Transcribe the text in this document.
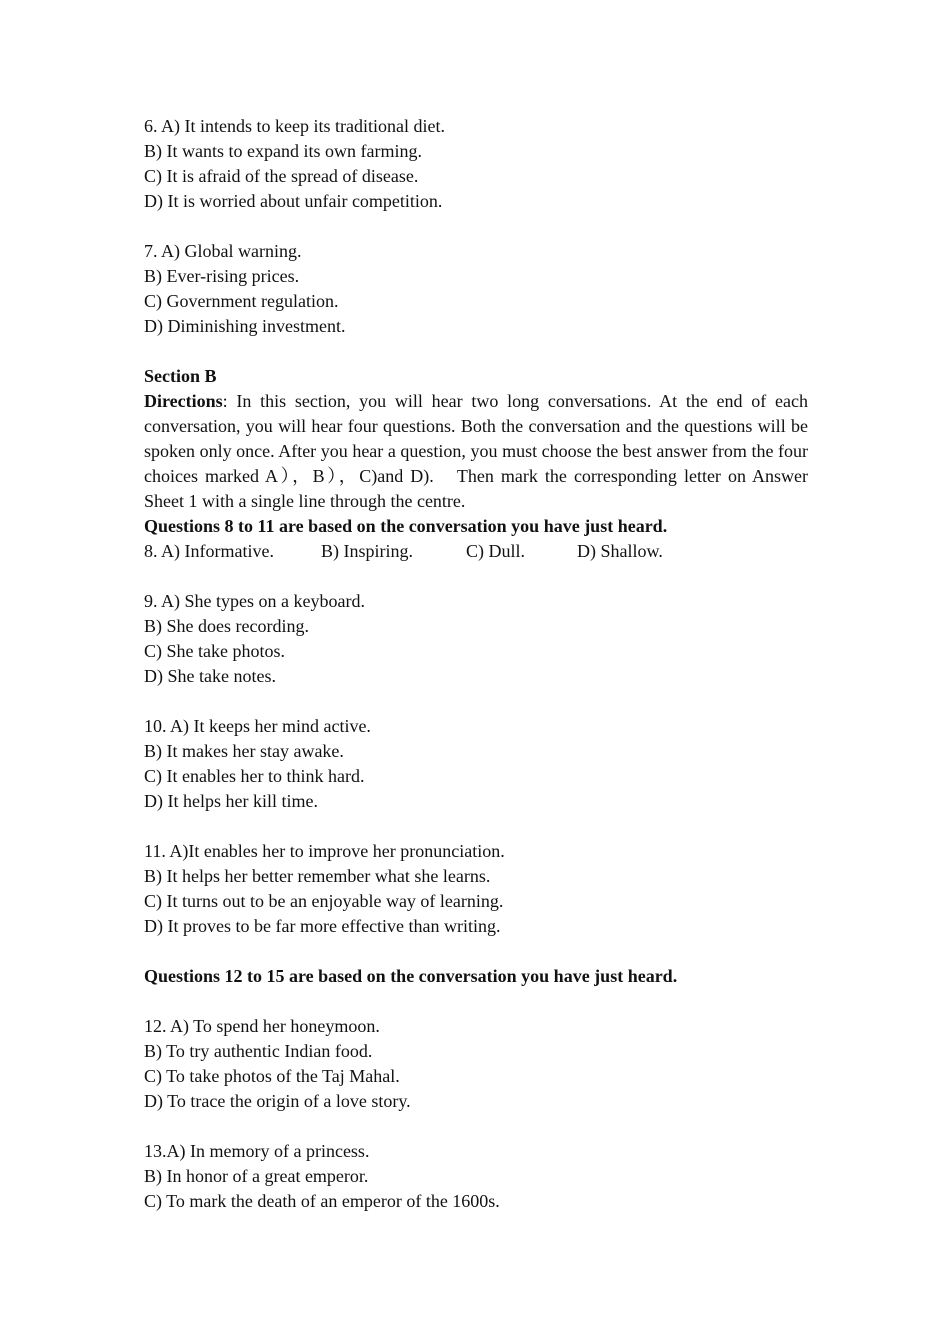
6. A) It intends to keep its traditional diet.
B) It wants to expand its own farming.
C) It is afraid of the spread of disease.
D) It is worried about unfair competition.
7. A) Global warning.
B) Ever-rising prices.
C) Government regulation.
D) Diminishing investment.
Section B
Directions: In this section, you will hear two long conversations. At the end of each conversation, you will hear four questions. Both the conversation and the questions will be spoken only once. After you hear a question, you must choose the best answer from the four choices marked A），B），C)and D).　Then mark the corresponding letter on Answer Sheet 1 with a single line through the centre.
Questions 8 to 11 are based on the conversation you have just heard.
8. A) Informative.	B) Inspiring.	C) Dull.	D) Shallow.
9. A) She types on a keyboard.
B) She does recording.
C) She take photos.
D) She take notes.
10. A) It keeps her mind active.
B) It makes her stay awake.
C) It enables her to think hard.
D) It helps her kill time.
11. A)It enables her to improve her pronunciation.
B) It helps her better remember what she learns.
C) It turns out to be an enjoyable way of learning.
D) It proves to be far more effective than writing.
Questions 12 to 15 are based on the conversation you have just heard.
12. A) To spend her honeymoon.
B) To try authentic Indian food.
C) To take photos of the Taj Mahal.
D) To trace the origin of a love story.
13.A) In memory of a princess.
B) In honor of a great emperor.
C) To mark the death of an emperor of the 1600s.
